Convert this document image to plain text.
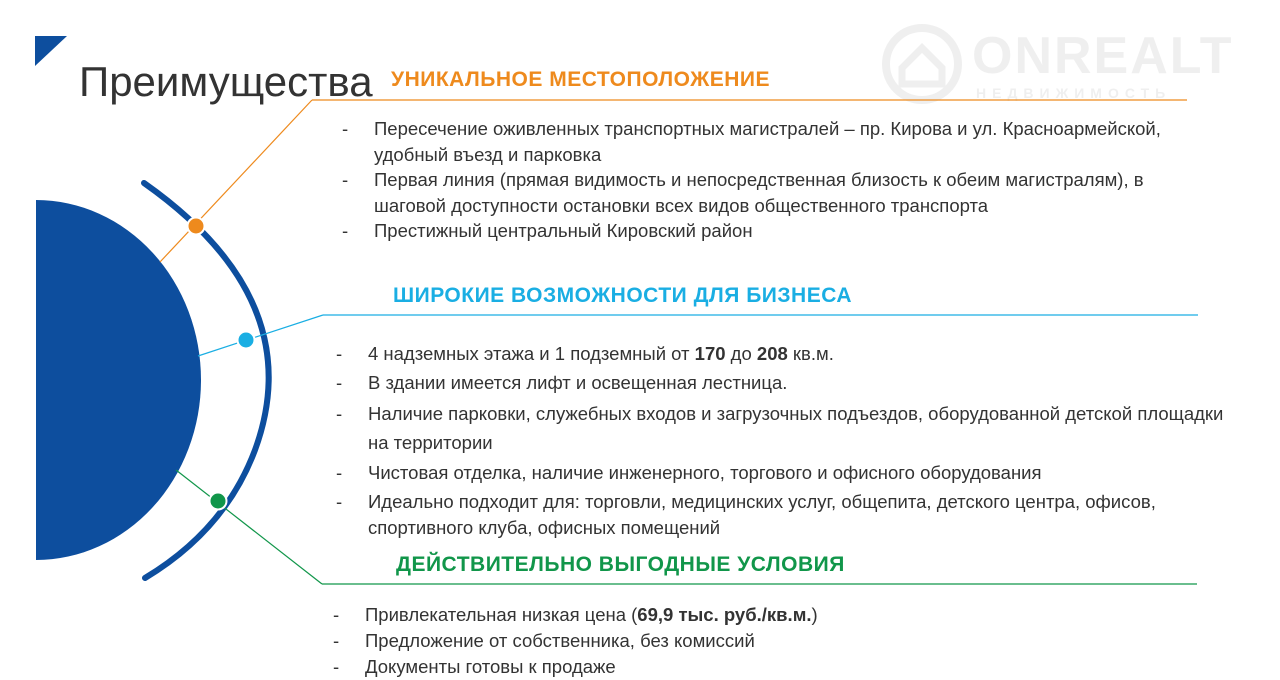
Преимущества	ONREALT
НЕДВИЖИМОСТЬ
УНИКАЛЬНОЕ МЕСТОПОЛОЖЕНИЕ
- Пересечение оживленных транспортных магистралей – пр. Кирова и ул. Красноармейской, удобный въезд и парковка
- Первая линия (прямая видимость и непосредственная близость к обеим магистралям), в шаговой доступности остановки всех видов общественного транспорта
- Престижный центральный Кировский район
ШИРОКИЕ ВОЗМОЖНОСТИ ДЛЯ БИЗНЕСА
- 4 надземных этажа и 1 подземный от 170 до 208 кв.м.
- В здании имеется лифт и освещенная лестница.
- Наличие парковки, служебных входов и загрузочных подъездов, оборудованной детской площадки на территории
- Чистовая отделка, наличие инженерного, торгового и офисного оборудования
- Идеально подходит для: торговли, медицинских услуг, общепита, детского центра, офисов, спортивного клуба, офисных помещений
ДЕЙСТВИТЕЛЬНО ВЫГОДНЫЕ УСЛОВИЯ
- Привлекательная низкая цена (69,9 тыс. руб./кв.м.)
- Предложение от собственника, без комиссий
- Документы готовы к продаже
